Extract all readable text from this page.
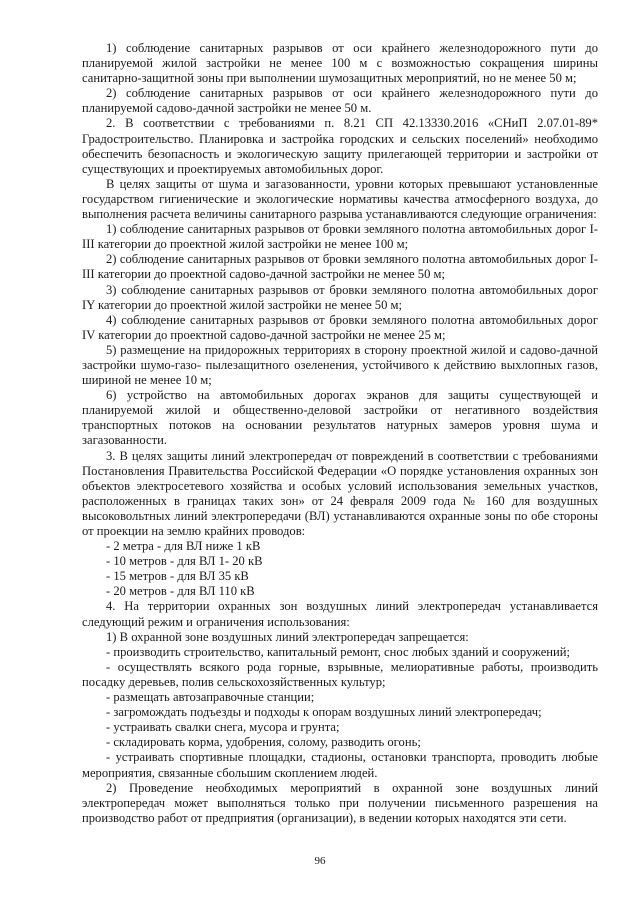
1) соблюдение санитарных разрывов от оси крайнего железнодорожного пути до планируемой жилой застройки не менее 100 м с возможностью сокращения ширины санитарно-защитной зоны при выполнении шумозащитных мероприятий, но не менее 50 м;

2) соблюдение санитарных разрывов от оси крайнего железнодорожного пути до планируемой садово-дачной застройки не менее 50 м.

2. В соответствии с требованиями п. 8.21 СП 42.13330.2016 «СНиП 2.07.01-89* Градостроительство. Планировка и застройка городских и сельских поселений» необходимо обеспечить безопасность и экологическую защиту прилегающей территории и застройки от существующих и проектируемых автомобильных дорог.

В целях защиты от шума и загазованности, уровни которых превышают установленные государством гигиенические и экологические нормативы качества атмосферного воздуха, до выполнения расчета величины санитарного разрыва устанавливаются следующие ограничения:

1) соблюдение санитарных разрывов от бровки земляного полотна автомобильных дорог I-III категории до проектной жилой застройки не менее 100 м;

2) соблюдение санитарных разрывов от бровки земляного полотна автомобильных дорог I-III категории до проектной садово-дачной застройки не менее 50 м;

3) соблюдение санитарных разрывов от бровки земляного полотна автомобильных дорог IY категории до проектной жилой застройки не менее 50 м;

4) соблюдение санитарных разрывов от бровки земляного полотна автомобильных дорог IV категории до проектной садово-дачной застройки не менее 25 м;

5) размещение на придорожных территориях в сторону проектной жилой и садово-дачной застройки шумо-газо- пылезащитного озеленения, устойчивого к действию выхлопных газов, шириной не менее 10 м;

6) устройство на автомобильных дорогах экранов для защиты существующей и планируемой жилой и общественно-деловой застройки от негативного воздействия транспортных потоков на основании результатов натурных замеров уровня шума и загазованности.

3. В целях защиты линий электропередач от повреждений в соответствии с требованиями Постановления Правительства Российской Федерации «О порядке установления охранных зон объектов электросетевого хозяйства и особых условий использования земельных участков, расположенных в границах таких зон» от 24 февраля 2009 года № 160 для воздушных высоковольтных линий электропередачи (ВЛ) устанавливаются охранные зоны по обе стороны от проекции на землю крайних проводов:

- 2 метра - для ВЛ ниже 1 кВ

- 10 метров - для ВЛ 1- 20 кВ

- 15 метров - для ВЛ 35 кВ

- 20 метров - для ВЛ 110 кВ

4. На территории охранных зон воздушных линий электропередач устанавливается следующий режим и ограничения использования:

1) В охранной зоне воздушных линий электропередач запрещается:

- производить строительство, капитальный ремонт, снос любых зданий и сооружений;

- осуществлять всякого рода горные, взрывные, мелиоративные работы, производить посадку деревьев, полив сельскохозяйственных культур;

- размещать автозаправочные станции;

- загромождать подъезды и подходы к опорам воздушных линий электропередач;

- устраивать свалки снега, мусора и грунта;

- складировать корма, удобрения, солому, разводить огонь;

- устраивать спортивные площадки, стадионы, остановки транспорта, проводить любые мероприятия, связанные сбольшим скоплением людей.

2) Проведение необходимых мероприятий в охранной зоне воздушных линий электропередач может выполняться только при получении письменного разрешения на производство работ от предприятия (организации), в ведении которых находятся эти сети.

96
